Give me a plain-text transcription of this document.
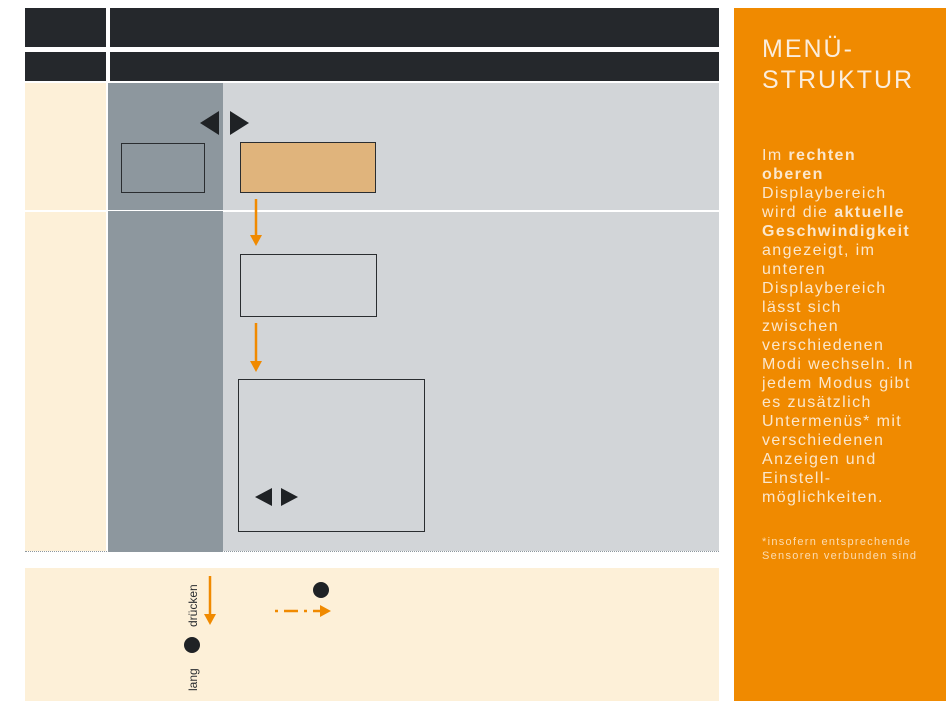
lang
drücken
MENÜ-
STRUKTUR
Im rechten oberen Displaybereich wird die aktuelle Geschwindigkeit angezeigt, im unteren Displaybereich lässt sich zwischen verschiedenen Modi wechseln. In jedem Modus gibt es zusätzlich Untermenüs* mit verschiedenen Anzeigen und Einstellmöglichkeiten.
*insofern entsprechende Sensoren verbunden sind
